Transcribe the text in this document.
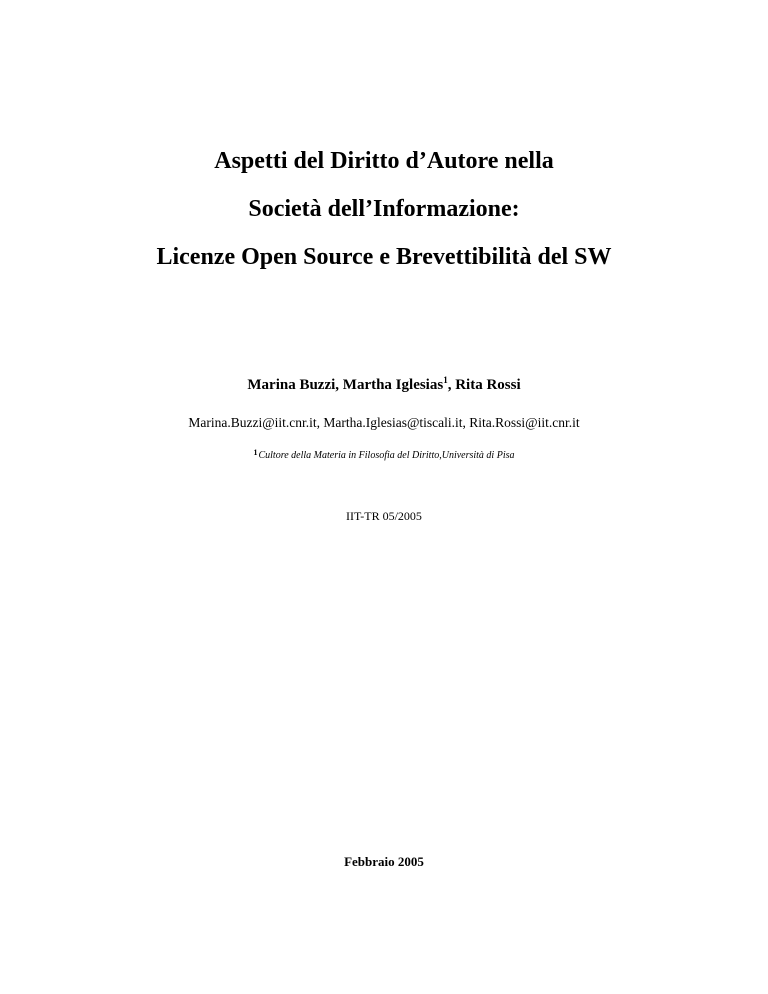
Aspetti del Diritto d’Autore nella
Società dell’Informazione:
Licenze Open Source e Brevettibilità del SW
Marina Buzzi, Martha Iglesias$^1$, Rita Rossi
Marina.Buzzi@iit.cnr.it, Martha.Iglesias@tiscali.it, Rita.Rossi@iit.cnr.it
$^1$Cultore della Materia in Filosofia del Diritto,Università di Pisa
IIT-TR 05/2005
Febbraio 2005
